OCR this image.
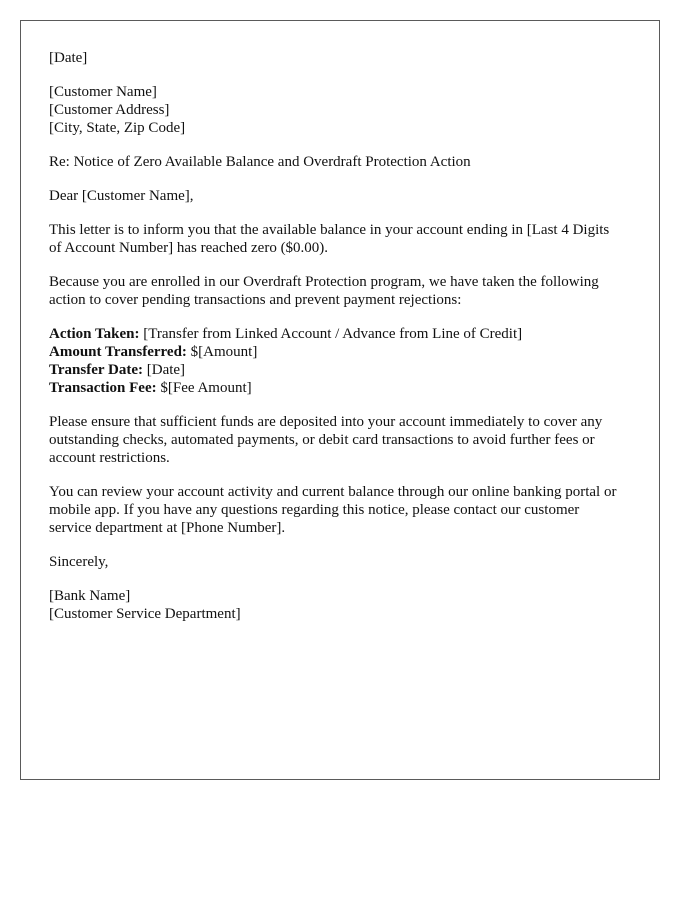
[Date]

[Customer Name]
[Customer Address]
[City, State, Zip Code]

Re: Notice of Zero Available Balance and Overdraft Protection Action

Dear [Customer Name],

This letter is to inform you that the available balance in your account ending in [Last 4 Digits of Account Number] has reached zero ($0.00).

Because you are enrolled in our Overdraft Protection program, we have taken the following action to cover pending transactions and prevent payment rejections:

Action Taken: [Transfer from Linked Account / Advance from Line of Credit]
Amount Transferred: $[Amount]
Transfer Date: [Date]
Transaction Fee: $[Fee Amount]

Please ensure that sufficient funds are deposited into your account immediately to cover any outstanding checks, automated payments, or debit card transactions to avoid further fees or account restrictions.

You can review your account activity and current balance through our online banking portal or mobile app. If you have any questions regarding this notice, please contact our customer service department at [Phone Number].

Sincerely,

[Bank Name]
[Customer Service Department]
